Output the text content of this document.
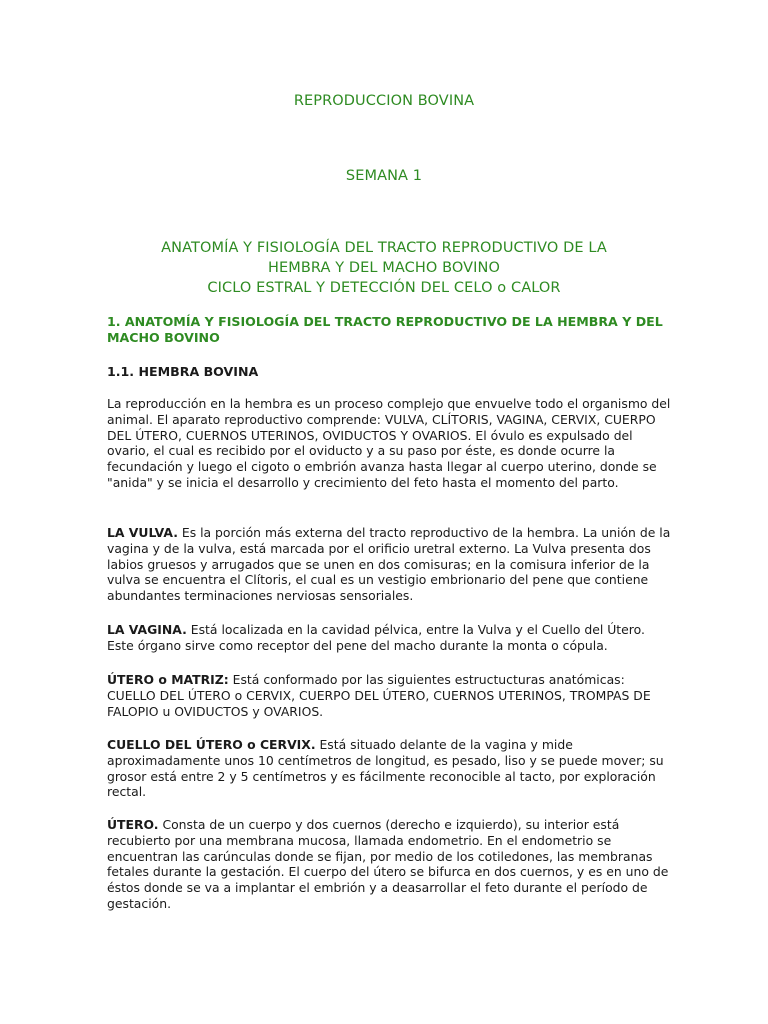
REPRODUCCION BOVINA
SEMANA 1
ANATOMÍA Y FISIOLOGÍA DEL TRACTO REPRODUCTIVO DE LA
HEMBRA Y DEL MACHO BOVINO
CICLO ESTRAL Y DETECCIÓN DEL CELO o CALOR
1. ANATOMÍA Y FISIOLOGÍA DEL TRACTO REPRODUCTIVO DE LA HEMBRA Y DEL MACHO BOVINO
1.1. HEMBRA BOVINA

La reproducción en la hembra es un proceso complejo que envuelve todo el organismo del animal. El aparato reproductivo comprende: VULVA, CLÍTORIS, VAGINA, CERVIX, CUERPO DEL ÚTERO, CUERNOS UTERINOS, OVIDUCTOS Y OVARIOS. El óvulo es expulsado del ovario, el cual es recibido por el oviducto y a su paso por éste, es donde ocurre la fecundación y luego el cigoto o embrión avanza hasta llegar al cuerpo uterino, donde se "anida" y se inicia el desarrollo y crecimiento del feto hasta el momento del parto.

LA VULVA. Es la porción más externa del tracto reproductivo de la hembra. La unión de la vagina y de la vulva, está marcada por el orificio uretral externo. La Vulva presenta dos labios gruesos y arrugados que se unen en dos comisuras; en la comisura inferior de la vulva se encuentra el Clítoris, el cual es un vestigio embrionario del pene que contiene abundantes terminaciones nerviosas sensoriales.

LA VAGINA. Está localizada en la cavidad pélvica, entre la Vulva y el Cuello del Útero. Este órgano sirve como receptor del pene del macho durante la monta o cópula.

ÚTERO o MATRIZ: Está conformado por las siguientes estructucturas anatómicas: CUELLO DEL ÚTERO o CERVIX, CUERPO DEL ÚTERO, CUERNOS UTERINOS, TROMPAS DE FALOPIO u OVIDUCTOS y OVARIOS.

CUELLO DEL ÚTERO o CERVIX. Está situado delante de la vagina y mide aproximadamente unos 10 centímetros de longitud, es pesado, liso y se puede mover; su grosor está entre 2 y 5 centímetros y es fácilmente reconocible al tacto, por exploración rectal.

ÚTERO. Consta de un cuerpo y dos cuernos (derecho e izquierdo), su interior está recubierto por una membrana mucosa, llamada endometrio. En el endometrio se encuentran las carúnculas donde se fijan, por medio de los cotiledones, las membranas fetales durante la gestación. El cuerpo del útero se bifurca en dos cuernos, y es en uno de éstos donde se va a implantar el embrión y a deasarrollar el feto durante el período de gestación.
